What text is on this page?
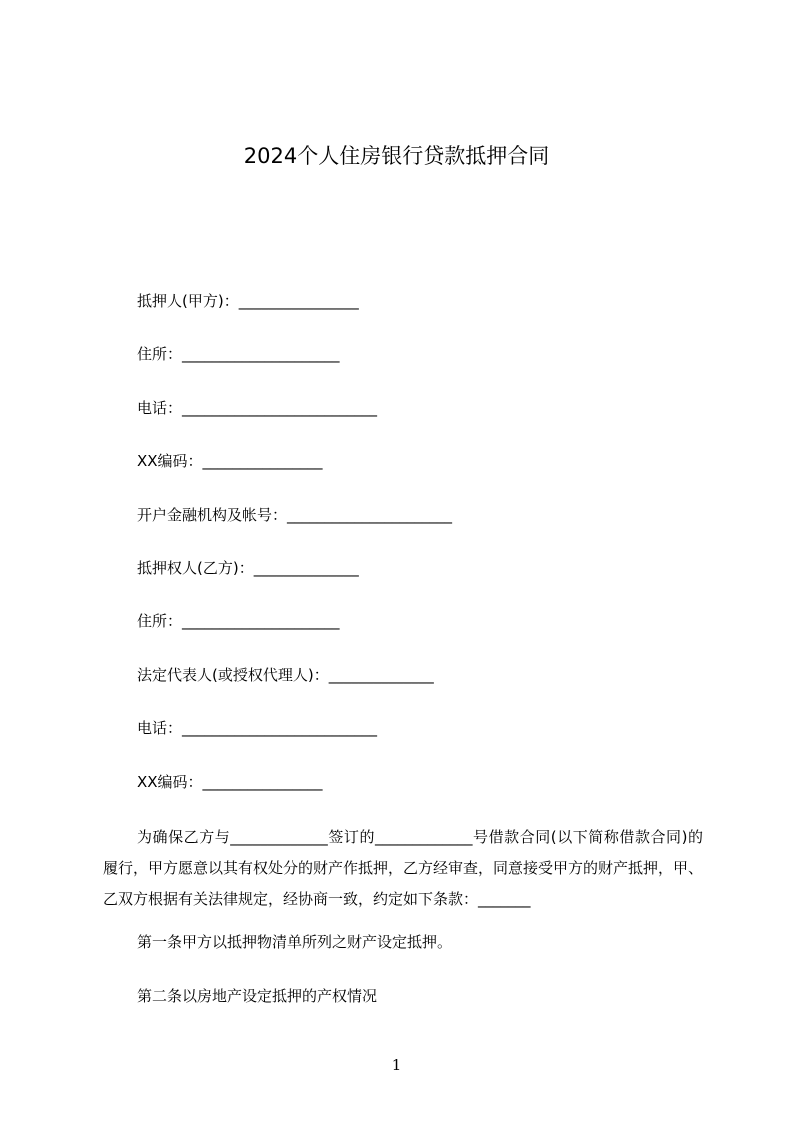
2024个人住房银行贷款抵押合同
抵押人(甲方)：________________
住所：_____________________
电话：__________________________
XX编码：________________
开户金融机构及帐号：______________________
抵押权人(乙方)：______________
住所：_____________________
法定代表人(或授权代理人)：______________
电话：__________________________
XX编码：________________
为确保乙方与_____________签订的_____________号借款合同(以下简称借款合同)的履行，甲方愿意以其有权处分的财产作抵押，乙方经审查，同意接受甲方的财产抵押，甲、乙双方根据有关法律规定，经协商一致，约定如下条款：_______
第一条甲方以抵押物清单所列之财产设定抵押。
第二条以房地产设定抵押的产权情况
1
